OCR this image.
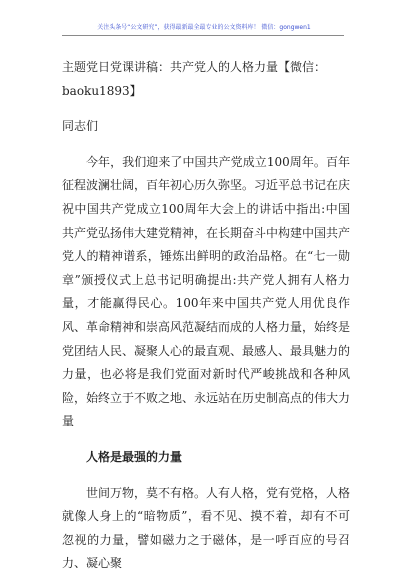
关注头条号“公文研究”，获得最新最全最专业的公文资料库！ 微信：gongwen1
主题党日党课讲稿：共产党人的人格力量【微信：baoku1893】

同志们

今年，我们迎来了中国共产党成立100周年。百年征程波澜壮阔，百年初心历久弥坚。习近平总书记在庆祝中国共产党成立100周年大会上的讲话中指出:中国共产党弘扬伟大建党精神，在长期奋斗中构建中国共产党人的精神谱系，锤炼出鲜明的政治品格。在“七一勋章”颁授仪式上总书记明确提出:共产党人拥有人格力量，才能赢得民心。100年来中国共产党人用优良作风、革命精神和崇高风范凝结而成的人格力量，始终是党团结人民、凝聚人心的最直观、最感人、最具魅力的力量，也必将是我们党面对新时代严峻挑战和各种风险，始终立于不败之地、永远站在历史制高点的伟大力量

人格是最强的力量

世间万物，莫不有格。人有人格，党有党格，人格就像人身上的“暗物质”，看不见、摸不着，却有不可忽视的力量，譬如磁力之于磁体，是一呼百应的号召力、凝心聚
